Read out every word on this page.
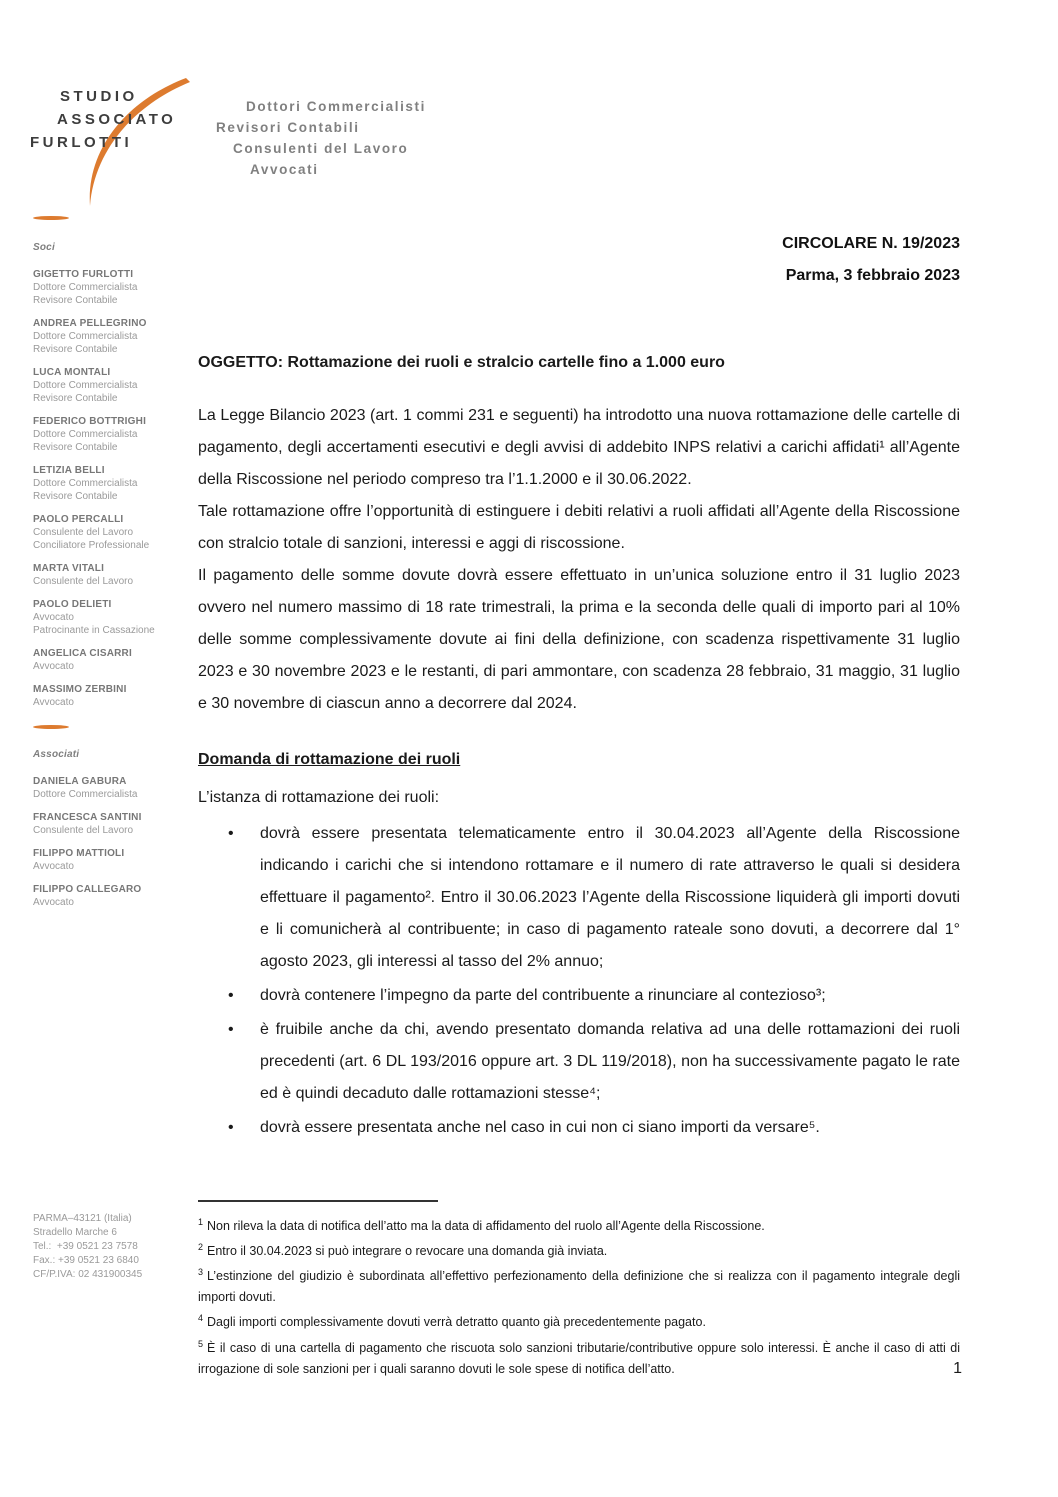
STUDIO
ASSOCIATO
FURLOTTI
Dottori Commercialisti
Revisori Contabili
Consulenti del Lavoro
Avvocati
CIRCOLARE N. 19/2023
Parma, 3 febbraio 2023
Soci
GIGETTO FURLOTTI
Dottore Commercialista
Revisore Contabile
ANDREA PELLEGRINO
Dottore Commercialista
Revisore Contabile
LUCA MONTALI
Dottore Commercialista
Revisore Contabile
FEDERICO BOTTRIGHI
Dottore Commercialista
Revisore Contabile
LETIZIA BELLI
Dottore Commercialista
Revisore Contabile
PAOLO PERCALLI
Consulente del Lavoro
Conciliatore Professionale
MARTA VITALI
Consulente del Lavoro
PAOLO DELIETI
Avvocato
Patrocinante in Cassazione
ANGELICA CISARRI
Avvocato
MASSIMO ZERBINI
Avvocato
Associati
DANIELA GABURA
Dottore Commercialista
FRANCESCA SANTINI
Consulente del Lavoro
FILIPPO MATTIOLI
Avvocato
FILIPPO CALLEGARO
Avvocato
PARMA–43121 (Italia)
Stradello Marche 6
Tel.:  +39 0521 23 7578
Fax.: +39 0521 23 6840
CF/P.IVA: 02 431900345
OGGETTO: Rottamazione dei ruoli e stralcio cartelle fino a 1.000 euro

La Legge Bilancio 2023 (art. 1 commi 231 e seguenti) ha introdotto una nuova rottamazione delle cartelle di pagamento, degli accertamenti esecutivi e degli avvisi di addebito INPS relativi a carichi affidati¹ all’Agente della Riscossione nel periodo compreso tra l’1.1.2000 e il 30.06.2022.

Tale rottamazione offre l’opportunità di estinguere i debiti relativi a ruoli affidati all’Agente della Riscossione con stralcio totale di sanzioni, interessi e aggi di riscossione.

Il pagamento delle somme dovute dovrà essere effettuato in un’unica soluzione entro il 31 luglio 2023 ovvero nel numero massimo di 18 rate trimestrali, la prima e la seconda delle quali di importo pari al 10% delle somme complessivamente dovute ai fini della definizione, con scadenza rispettivamente 31 luglio 2023 e 30 novembre 2023 e le restanti, di pari ammontare, con scadenza 28 febbraio, 31 maggio, 31 luglio e 30 novembre di ciascun anno a decorrere dal 2024.

Domanda di rottamazione dei ruoli
L’istanza di rottamazione dei ruoli:
• dovrà essere presentata telematicamente entro il 30.04.2023 all’Agente della Riscossione indicando i carichi che si intendono rottamare e il numero di rate attraverso le quali si desidera effettuare il pagamento². Entro il 30.06.2023 l’Agente della Riscossione liquiderà gli importi dovuti e li comunicherà al contribuente; in caso di pagamento rateale sono dovuti, a decorrere dal 1° agosto 2023, gli interessi al tasso del 2% annuo;
• dovrà contenere l’impegno da parte del contribuente a rinunciare al contezioso³;
• è fruibile anche da chi, avendo presentato domanda relativa ad una delle rottamazioni dei ruoli precedenti (art. 6 DL 193/2016 oppure art. 3 DL 119/2018), non ha successivamente pagato le rate ed è quindi decaduto dalle rottamazioni stesse⁴;
• dovrà essere presentata anche nel caso in cui non ci siano importi da versare⁵.
$^1$ Non rileva la data di notifica dell’atto ma la data di affidamento del ruolo all’Agente della Riscossione.
$^2$ Entro il 30.04.2023 si può integrare o revocare una domanda già inviata.
$^3$ L’estinzione del giudizio è subordinata all’effettivo perfezionamento della definizione che si realizza con il pagamento integrale degli importi dovuti.
$^4$ Dagli importi complessivamente dovuti verrà detratto quanto già precedentemente pagato.
$^5$ È il caso di una cartella di pagamento che riscuota solo sanzioni tributarie/contributive oppure solo interessi. È anche il caso di atti di irrogazione di sole sanzioni per i quali saranno dovuti le sole spese di notifica dell’atto.	1
